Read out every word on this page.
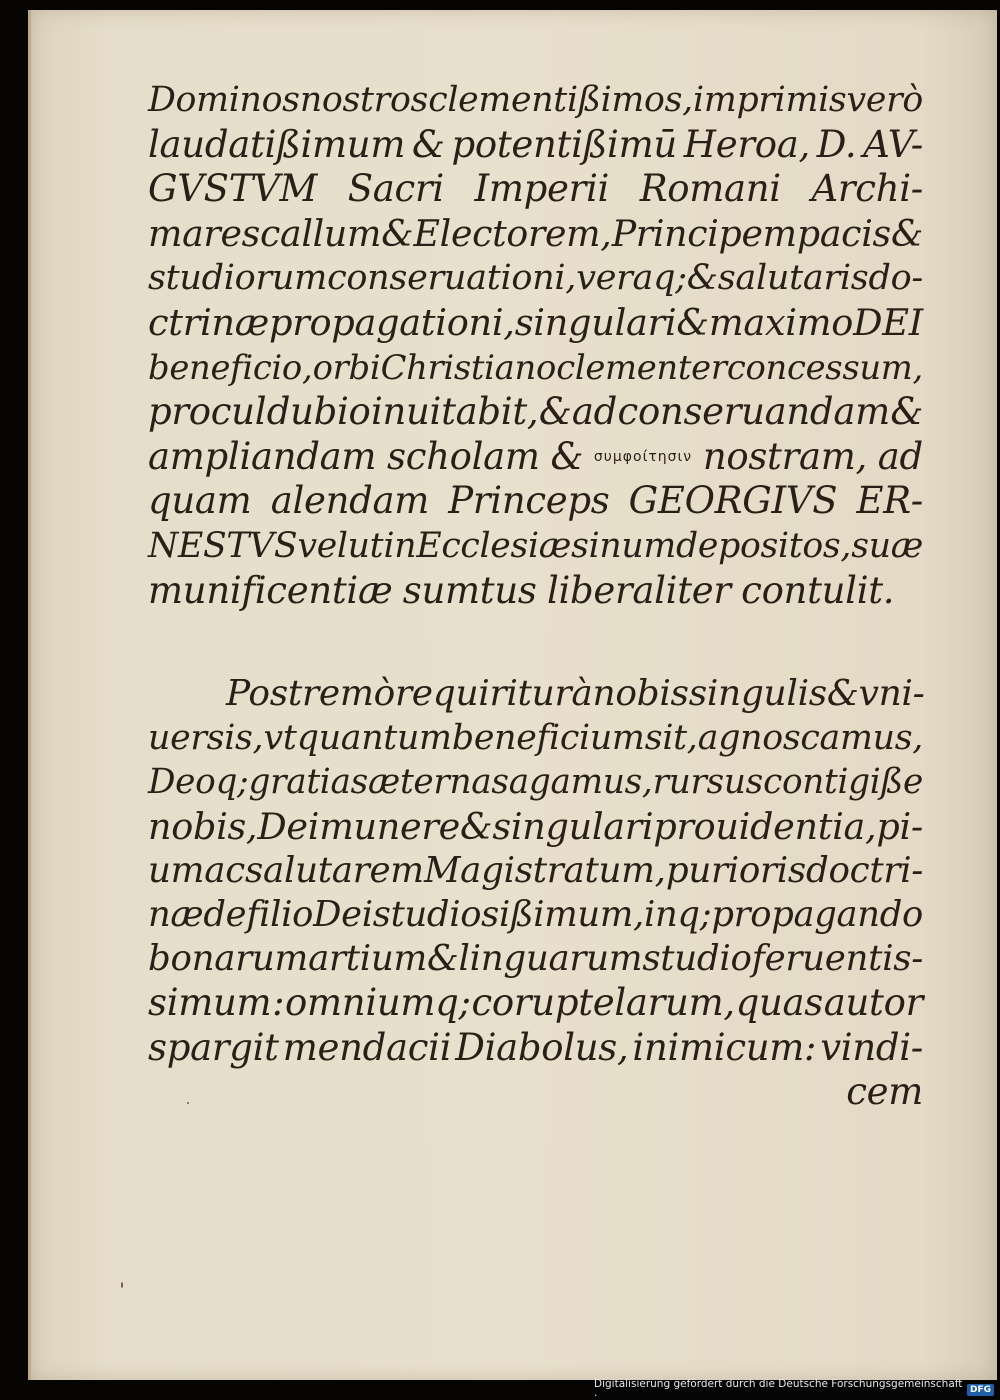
Dominos nostros clementißimos, imprimis verò
laudatißimum & potentißimū Heroa, D. AV-
GVSTVM Sacri Imperii Romani Archi-
marescallum & Electorem, Principem pacis &
studiorum conseruationi, veraq; & salutaris do-
ctrinæ propagationi, singulari & maximo DEI
beneficio, orbi Christiano clementer concessum,
procul dubio inuitabit, & ad conseruandam &
ampliandam scholam & συμφοίτησιν nostram, ad
quam alendam Princeps GEORGIVS ER-
NESTVS velut in Ecclesiæ sinum depositos, suæ
munificentiæ sumtus liberaliter contulit.
Postremò requiritur à nobis singulis & vni-
uersis, vt quantum beneficium sit, agnoscamus,
Deoq; gratias æternas agamus, rursus contigiße
nobis, Dei munere & singulari prouidentia, pi-
um ac salutarem Magistratum, purioris doctri-
næ de filio Dei studiosißimum, inq; propagando
bonarum artium & linguarum studio feruentis-
simum : omniumq; coruptelarum, quas autor
spargit mendacii Diabolus, inimicum: vindi-
cem
Digitalisierung gefördert durch die Deutsche Forschungsgemeinschaft ·	DFG
